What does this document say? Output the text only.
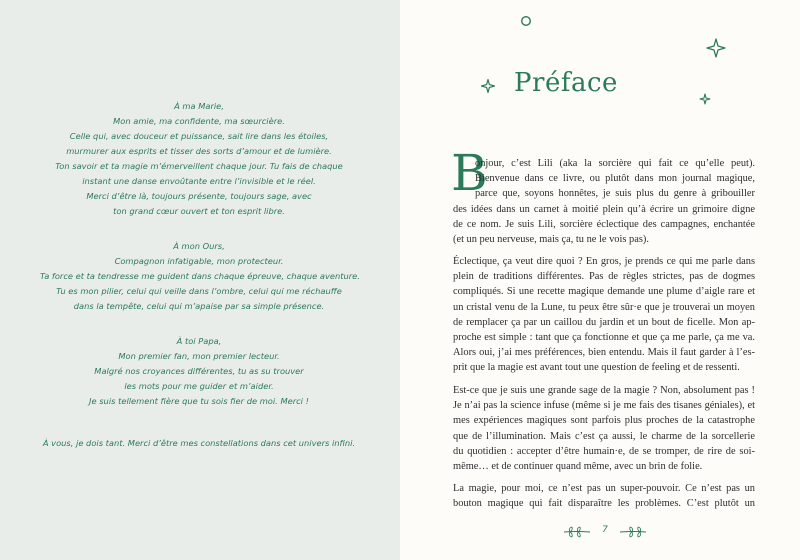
À ma Marie,
Mon amie, ma confidente, ma sœurcière.
Celle qui, avec douceur et puissance, sait lire dans les étoiles,
murmurer aux esprits et tisser des sorts d’amour et de lumière.
Ton savoir et ta magie m’émerveillent chaque jour. Tu fais de chaque
instant une danse envoûtante entre l’invisible et le réel.
Merci d’être là, toujours présente, toujours sage, avec
ton grand cœur ouvert et ton esprit libre.
À mon Ours,
Compagnon infatigable, mon protecteur.
Ta force et ta tendresse me guident dans chaque épreuve, chaque aventure.
Tu es mon pilier, celui qui veille dans l’ombre, celui qui me réchauffe
dans la tempête, celui qui m’apaise par sa simple présence.
À toi Papa,
Mon premier fan, mon premier lecteur.
Malgré nos croyances différentes, tu as su trouver
les mots pour me guider et m’aider.
Je suis tellement fière que tu sois fier de moi. Merci !
À vous, je dois tant. Merci d’être mes constellations dans cet univers infini.
Préface
B
onjour, c’est Lili (aka la sorcière qui fait ce qu’elle peut).
Bienvenue dans ce livre, ou plutôt dans mon journal magique,
parce que, soyons honnêtes, je suis plus du genre à gribouiller
des idées dans un carnet à moitié plein qu’à écrire un grimoire digne
de ce nom. Je suis Lili, sorcière éclectique des campagnes, enchantée
(et un peu nerveuse, mais ça, tu ne le vois pas).
Éclectique, ça veut dire quoi ? En gros, je prends ce qui me parle dans
plein de traditions différentes. Pas de règles strictes, pas de dogmes
compliqués. Si une recette magique demande une plume d’aigle rare et
un cristal venu de la Lune, tu peux être sûr·e que je trouverai un moyen
de remplacer ça par un caillou du jardin et un bout de ficelle. Mon ap-
proche est simple : tant que ça fonctionne et que ça me parle, ça me va.
Alors oui, j’ai mes préférences, bien entendu. Mais il faut garder à l’es-
prit que la magie est avant tout une question de feeling et de ressenti.
Est-ce que je suis une grande sage de la magie ? Non, absolument pas !
Je n’ai pas la science infuse (même si je me fais des tisanes géniales), et
mes expériences magiques sont parfois plus proches de la catastrophe
que de l’illumination. Mais c’est ça aussi, le charme de la sorcellerie
du quotidien : accepter d’être humain·e, de se tromper, de rire de soi-
même… et de continuer quand même, avec un brin de folie.
La magie, pour moi, ce n’est pas un super-pouvoir. Ce n’est pas un
bouton magique qui fait disparaître les problèmes. C’est plutôt un
7
